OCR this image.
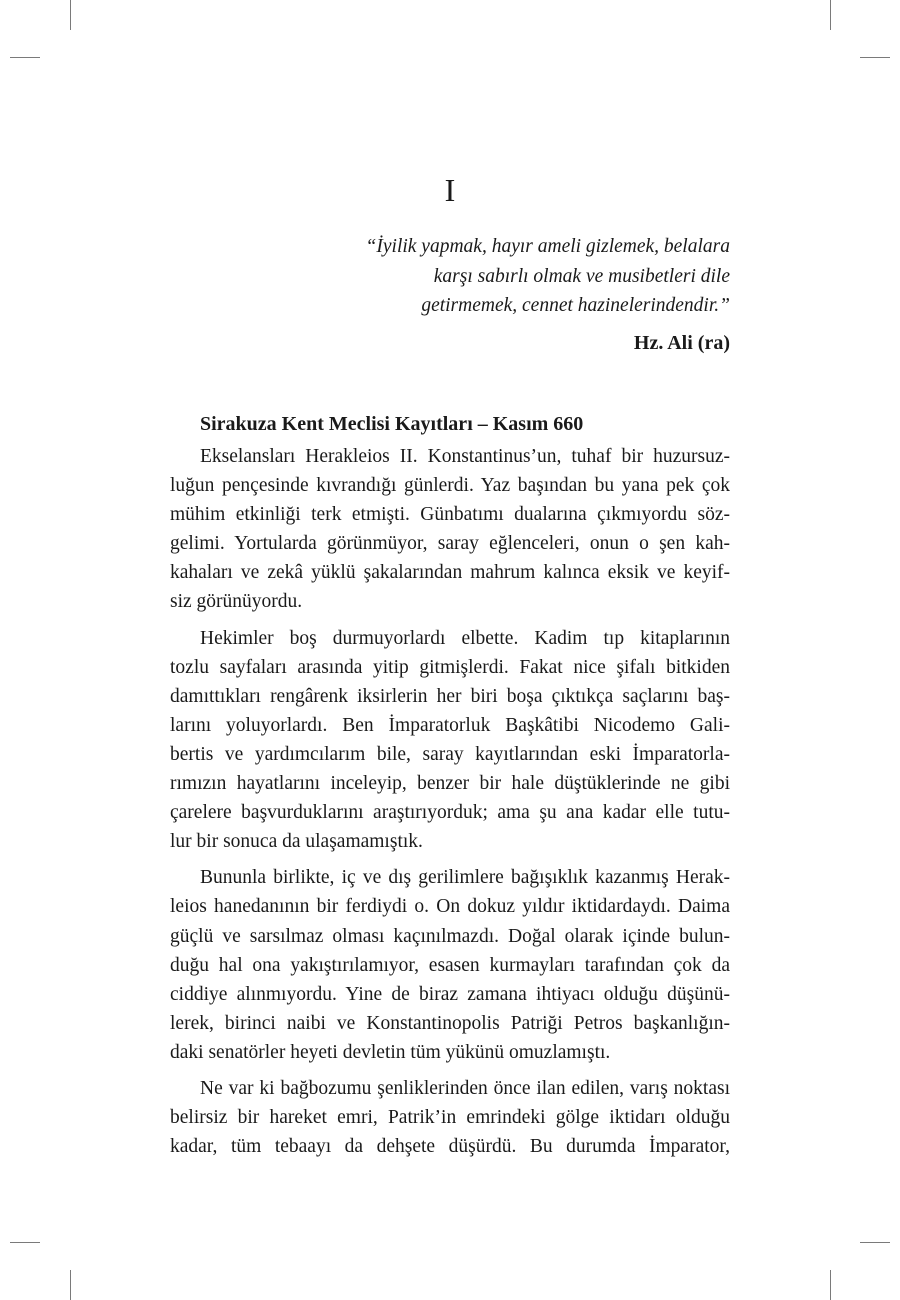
I
“İyilik yapmak, hayır ameli gizlemek, belalara
karşı sabırlı olmak ve musibetleri dile
getirmemek, cennet hazinelerindendir.”
Hz. Ali (ra)
Sirakuza Kent Meclisi Kayıtları – Kasım 660
Ekselansları Herakleios II. Konstantinus’un, tuhaf bir huzursuz-
luğun pençesinde kıvrandığı günlerdi. Yaz başından bu yana pek çok
mühim etkinliği terk etmişti. Günbatımı dualarına çıkmıyordu söz-
gelimi. Yortularda görünmüyor, saray eğlenceleri, onun o şen kah-
kahaları ve zekâ yüklü şakalarından mahrum kalınca eksik ve keyif-
siz görünüyordu.
Hekimler boş durmuyorlardı elbette. Kadim tıp kitaplarının
tozlu sayfaları arasında yitip gitmişlerdi. Fakat nice şifalı bitkiden
damıttıkları rengârenk iksirlerin her biri boşa çıktıkça saçlarını baş-
larını yoluyorlardı. Ben İmparatorluk Başkâtibi Nicodemo Gali-
bertis ve yardımcılarım bile, saray kayıtlarından eski İmparatorla-
rımızın hayatlarını inceleyip, benzer bir hale düştüklerinde ne gibi
çarelere başvurduklarını araştırıyorduk; ama şu ana kadar elle tutu-
lur bir sonuca da ulaşamamıştık.
Bununla birlikte, iç ve dış gerilimlere bağışıklık kazanmış Herak-
leios hanedanının bir ferdiydi o. On dokuz yıldır iktidardaydı. Daima
güçlü ve sarsılmaz olması kaçınılmazdı. Doğal olarak içinde bulun-
duğu hal ona yakıştırılamıyor, esasen kurmayları tarafından çok da
ciddiye alınmıyordu. Yine de biraz zamana ihtiyacı olduğu düşünü-
lerek, birinci naibi ve Konstantinopolis Patriği Petros başkanlığın-
daki senatörler heyeti devletin tüm yükünü omuzlamıştı.
Ne var ki bağbozumu şenliklerinden önce ilan edilen, varış noktası
belirsiz bir hareket emri, Patrik’in emrindeki gölge iktidarı olduğu
kadar, tüm tebaayı da dehşete düşürdü. Bu durumda İmparator,
